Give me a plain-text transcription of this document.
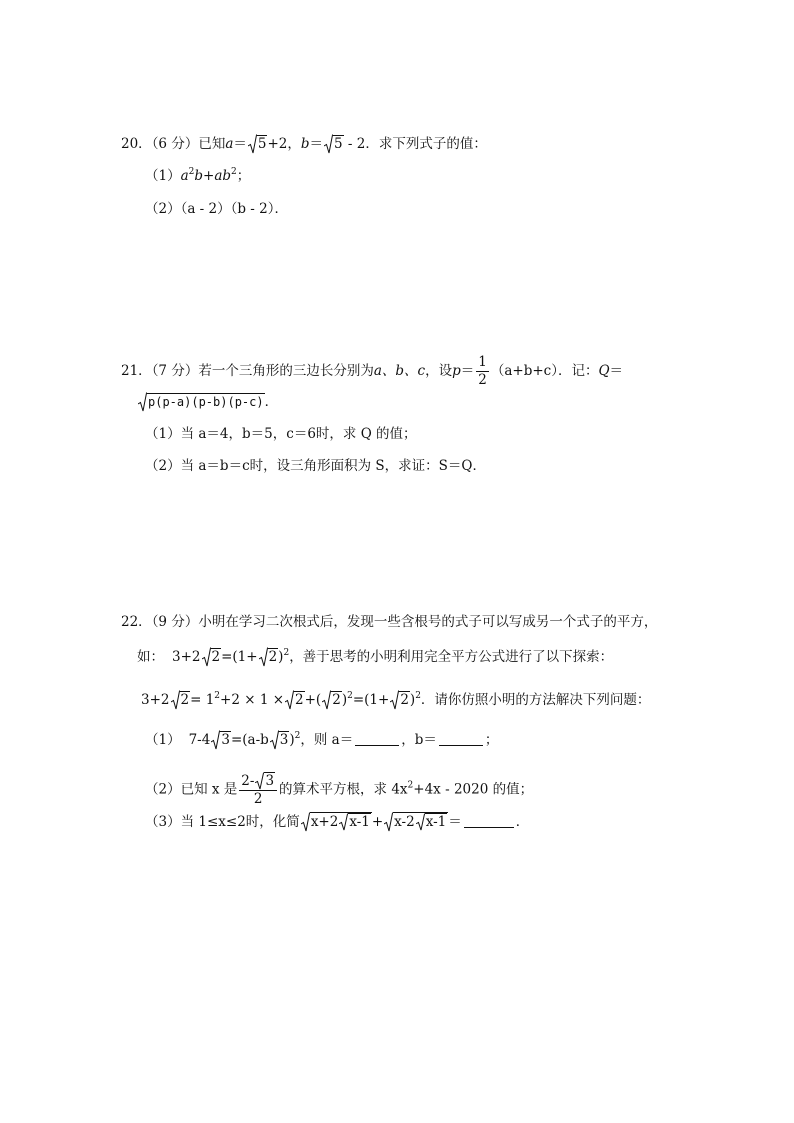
20．（6 分）已知a＝ 5+2，b＝ 5 - 2．求下列式子的值：
$(1)a^2b+ab^2$；
（2）（a - 2）（b - 2）．
21．（7 分）若一个三角形的三边长分别为a、b、c，设$p= \frac{1}{2} (a+b+c)$．记：Q＝
p(p-a)(p-b)(p-c)．
（1）当 a＝4，b＝5，c＝6时，求 Q 的值；
（2）当 a＝b＝c时，设三角形面积为 S，求证：S＝Q．
22．（9 分）小明在学习二次根式后，发现一些含根号的式子可以写成另一个式子的平方，
如： 3+2 $2=(1+ 2)^2$，善于思考的小明利用完全平方公式进行了以下探索：
3+2 $2= 1^2+2 \times 1 \times 2+$( $2)^2=(1+ 2)^2$．请你仿照小明的方法解决下列问题：
（1） 7-4 3=(a-b 3)$^2$，则 a＝	，b＝	；
（2）已知 x 是 $\frac{2- 3}{2}$ 的算术平方根，求 $4x^2+4x - 2020$ 的值；
（3）当 1≤x≤2时，化简 x+2 x-1 + x-2 x-1 ＝	．
